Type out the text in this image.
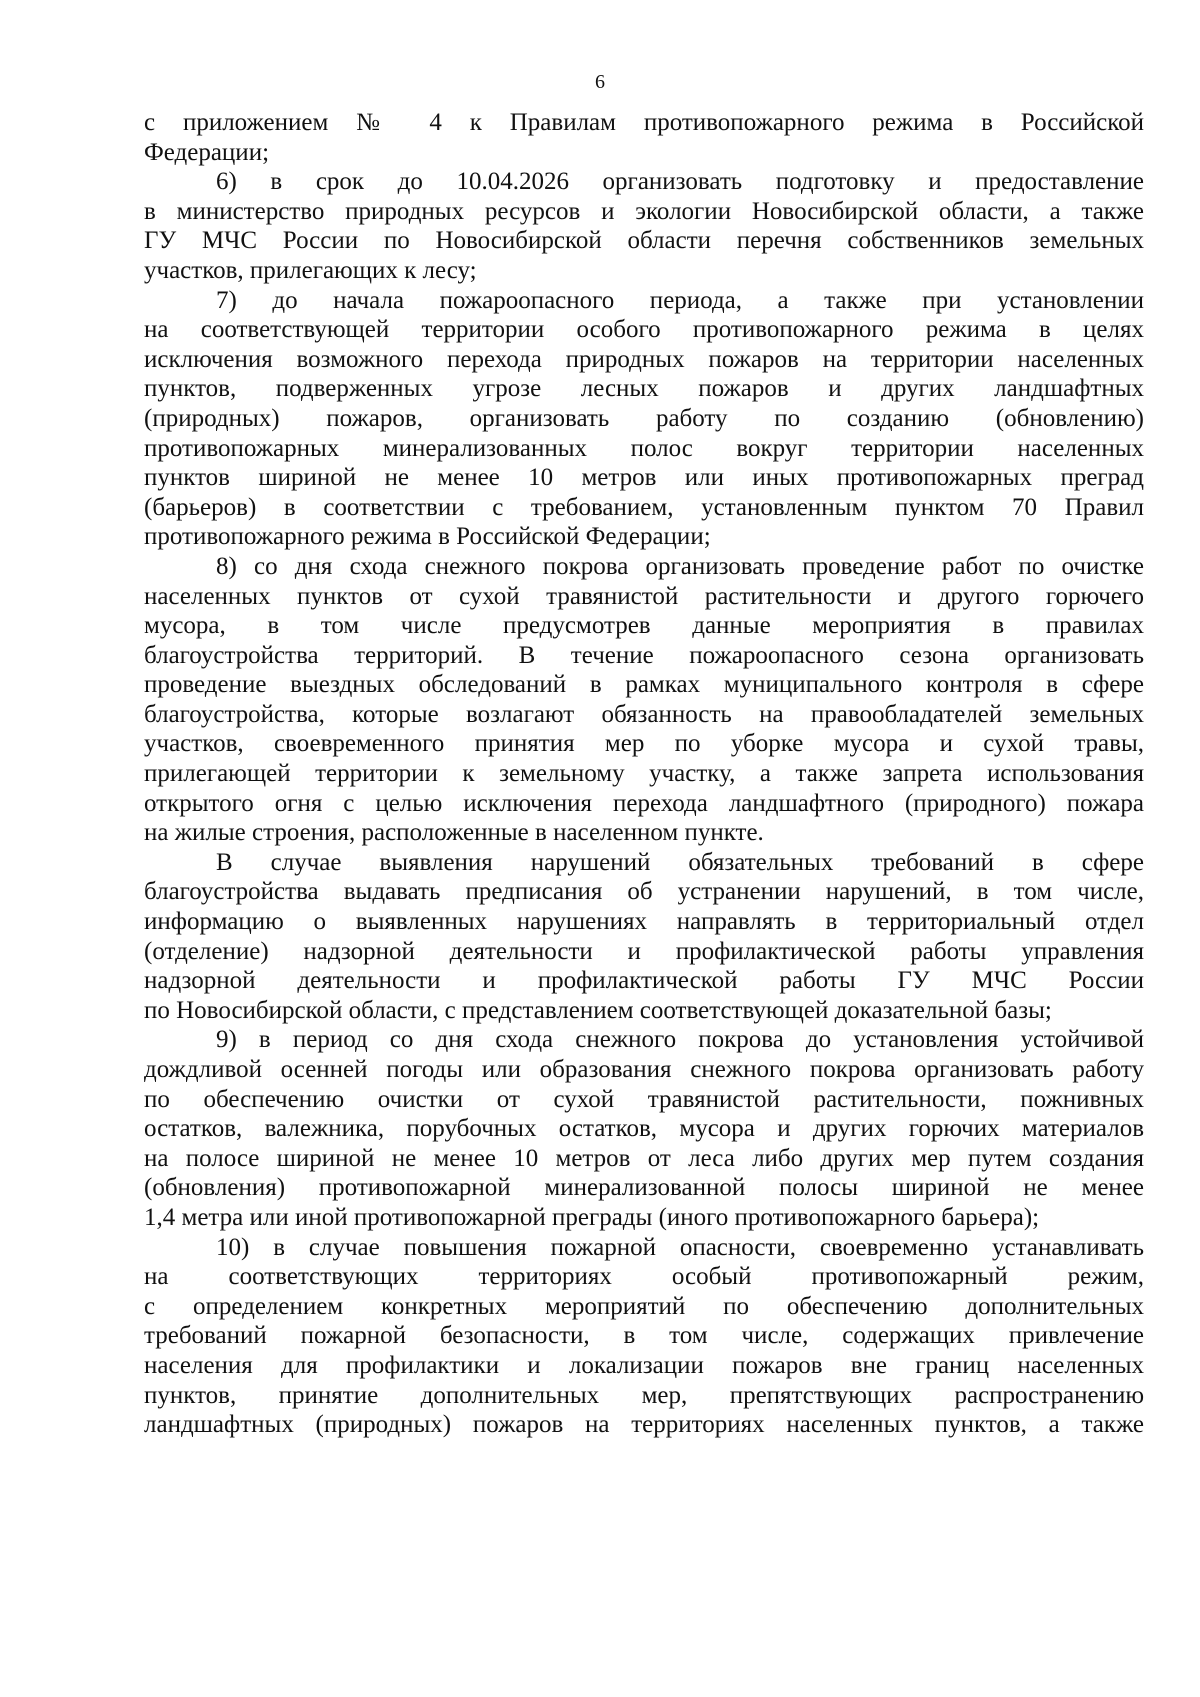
6
с приложением № 4 к Правилам противопожарного режима в Российской
Федерации;
6) в срок до 10.04.2026 организовать подготовку и предоставление
в министерство природных ресурсов и экологии Новосибирской области, а также
ГУ МЧС России по Новосибирской области перечня собственников земельных
участков, прилегающих к лесу;
7) до начала пожароопасного периода, а также при установлении
на соответствующей территории особого противопожарного режима в целях
исключения возможного перехода природных пожаров на территории населенных
пунктов, подверженных угрозе лесных пожаров и других ландшафтных
(природных) пожаров, организовать работу по созданию (обновлению)
противопожарных минерализованных полос вокруг территории населенных
пунктов шириной не менее 10 метров или иных противопожарных преград
(барьеров) в соответствии с требованием, установленным пунктом 70 Правил
противопожарного режима в Российской Федерации;
8) со дня схода снежного покрова организовать проведение работ по очистке
населенных пунктов от сухой травянистой растительности и другого горючего
мусора, в том числе предусмотрев данные мероприятия в правилах
благоустройства территорий. В течение пожароопасного сезона организовать
проведение выездных обследований в рамках муниципального контроля в сфере
благоустройства, которые возлагают обязанность на правообладателей земельных
участков, своевременного принятия мер по уборке мусора и сухой травы,
прилегающей территории к земельному участку, а также запрета использования
открытого огня с целью исключения перехода ландшафтного (природного) пожара
на жилые строения, расположенные в населенном пункте.
В случае выявления нарушений обязательных требований в сфере
благоустройства выдавать предписания об устранении нарушений, в том числе,
информацию о выявленных нарушениях направлять в территориальный отдел
(отделение) надзорной деятельности и профилактической работы управления
надзорной деятельности и профилактической работы ГУ МЧС России
по Новосибирской области, с представлением соответствующей доказательной базы;
9) в период со дня схода снежного покрова до установления устойчивой
дождливой осенней погоды или образования снежного покрова организовать работу
по обеспечению очистки от сухой травянистой растительности, пожнивных
остатков, валежника, порубочных остатков, мусора и других горючих материалов
на полосе шириной не менее 10 метров от леса либо других мер путем создания
(обновления) противопожарной минерализованной полосы шириной не менее
1,4 метра или иной противопожарной преграды (иного противопожарного барьера);
10) в случае повышения пожарной опасности, своевременно устанавливать
на соответствующих территориях особый противопожарный режим,
с определением конкретных мероприятий по обеспечению дополнительных
требований пожарной безопасности, в том числе, содержащих привлечение
населения для профилактики и локализации пожаров вне границ населенных
пунктов, принятие дополнительных мер, препятствующих распространению
ландшафтных (природных) пожаров на территориях населенных пунктов, а также
